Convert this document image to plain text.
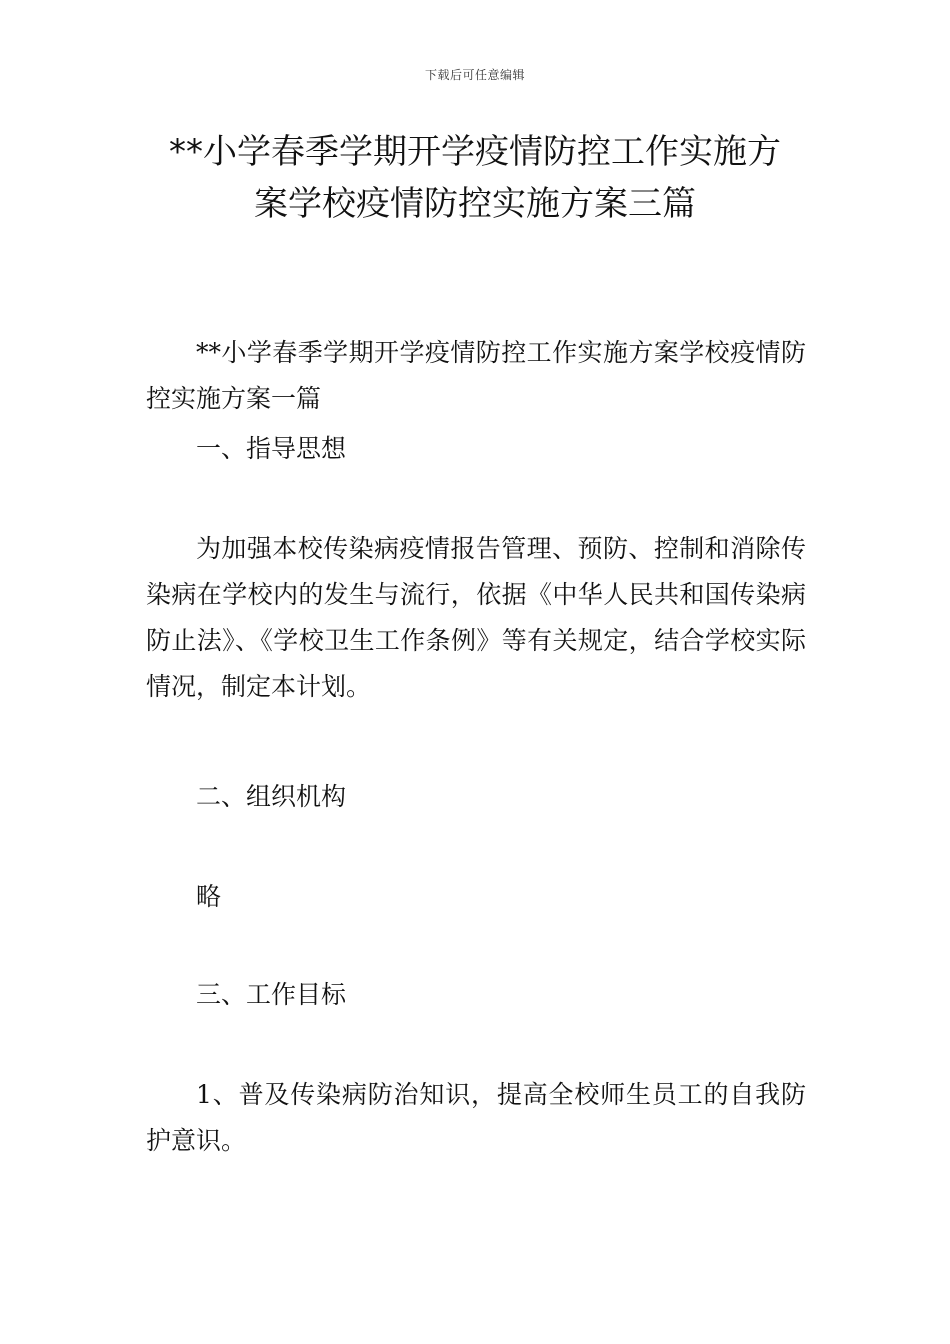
下载后可任意编辑
**小学春季学期开学疫情防控工作实施方
案学校疫情防控实施方案三篇

**小学春季学期开学疫情防控工作实施方案学校疫情防控实施方案一篇

一、指导思想

为加强本校传染病疫情报告管理、预防、控制和消除传染病在学校内的发生与流行，依据《中华人民共和国传染病防止法》、《学校卫生工作条例》等有关规定，结合学校实际情况，制定本计划。

二、组织机构

略

三、工作目标

1、普及传染病防治知识，提高全校师生员工的自我防护意识。
